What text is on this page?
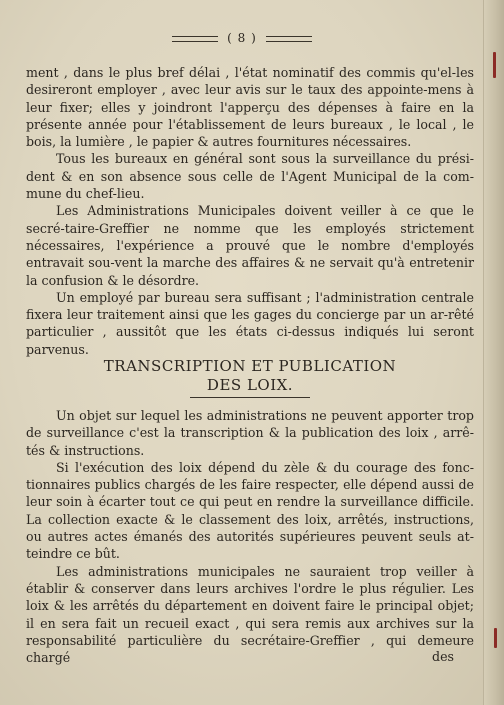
( 8 )

ment , dans le plus bref délai , l'état nominatif des commis qu'el-les desireront employer , avec leur avis sur le taux des appointe-mens à leur fixer; elles y joindront l'apperçu des dépenses à faire en la présente année pour l'établissement de leurs bureaux , le local , le bois, la lumière , le papier & autres fournitures nécessaires.

Tous les bureaux en général sont sous la surveillance du prési-dent & en son absence sous celle de l'Agent Municipal de la com-mune du chef-lieu.

Les Administrations Municipales doivent veiller à ce que le secré-taire-Greffier ne nomme que les employés strictement nécessaires, l'expérience a prouvé que le nombre d'employés entravait sou-vent la marche des affaires & ne servait qu'à entretenir la confusion & le désordre.

Un employé par bureau sera suffisant ; l'administration centrale fixera leur traitement ainsi que les gages du concierge par un ar-rêté particulier , aussitôt que les états ci-dessus indiqués lui seront parvenus.

TRANSCRIPTION ET PUBLICATION
DES LOIX.

Un objet sur lequel les administrations ne peuvent apporter trop de surveillance c'est la transcription & la publication des loix , arrê-tés & instructions.

Si l'exécution des loix dépend du zèle & du courage des fonc-tionnaires publics chargés de les faire respecter, elle dépend aussi de leur soin à écarter tout ce qui peut en rendre la surveillance difficile. La collection exacte & le classement des loix, arrêtés, instructions, ou autres actes émanés des autorités supérieures peuvent seuls at-teindre ce bût.

Les administrations municipales ne sauraient trop veiller à établir & conserver dans leurs archives l'ordre le plus régulier. Les loix & les arrêtés du département en doivent faire le principal objet; il en sera fait un recueil exact , qui sera remis aux archives sur la responsabilité particulière du secrétaire-Greffier , qui demeure chargé	des
